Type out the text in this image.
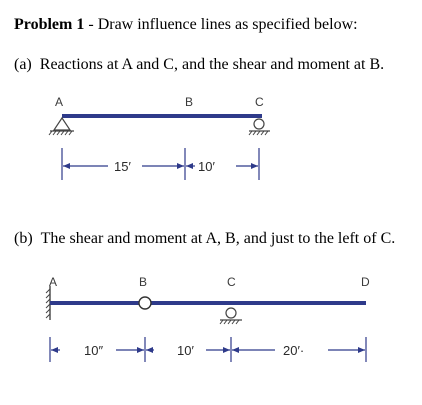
Problem 1 - Draw influence lines as specified below:
(a) Reactions at A and C, and the shear and moment at B.
(b) The shear and moment at A, B, and just to the left of C.
A	B	C
15′	10′
A	B	C	D
10″	10′	20′·
